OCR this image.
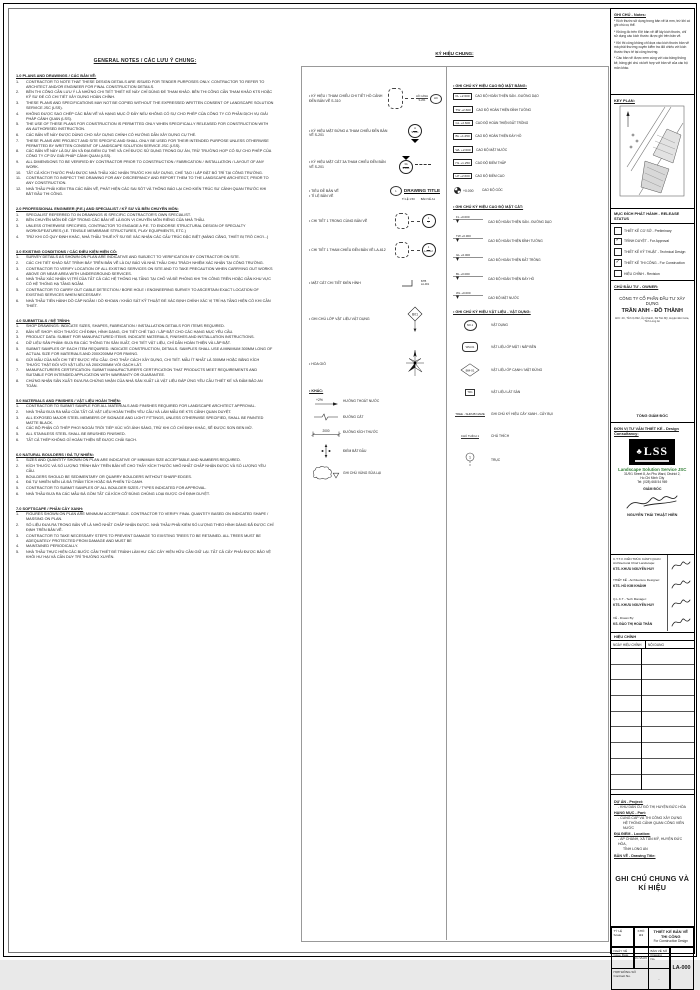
GENERAL NOTES / CÁC LƯU Ý CHUNG:
1.0 PLANS AND DRAWINGS / CÁC BẢN VẼ:
1.	CONTRACTOR TO NOTE THAT THESE DESIGN DETAILS ARE ISSUED FOR TENDER PURPOSES ONLY. CONTRACTOR TO REFER TO ARCHITECT AND/OR ENGINEER FOR FINAL CONSTRUCTION DETAILS.
2.	BÊN THI CÔNG CẦN LƯU Ý LÀ NHỮNG CHI TIẾT THIẾT KẾ NÀY CHỈ DÙNG ĐỂ THAM KHẢO. BÊN THI CÔNG CẦN THAM KHẢO KTS HOẶC KỸ SƯ ĐỂ CÓ CHI TIẾT XÂY DỰNG HOÀN CHỈNH.
3.	THESE PLANS AND SPECIFICATIONS MAY NOT BE COPIED WITHOUT THE EXPRESSED WRITTEN CONSENT OF LANDSCAPE SOLUTION SERVICE JSC (LSS).
4.	KHÔNG ĐƯỢC SAO CHÉP CÁC BẢN VẼ VÀ HẠNG MỤC Ở ĐÂY NẾU KHÔNG CÓ SỰ CHO PHÉP CỦA CÔNG TY CỔ PHẦN DỊCH VỤ GIẢI PHÁP CẢNH QUAN (LSS).
5.	THE USE OF THESE PLANS FOR CONSTRUCTION IS PERMITTED ONLY WHEN SPECIFICALLY RELEASED FOR CONSTRUCTION WITH AN AUTHORISED INSTRUCTION.
6.	CÁC BẢN VẼ NÀY ĐƯỢC DÙNG CHO XÂY DỰNG CHÍNH CÓ HƯỚNG DẪN XÂY DỰNG CỤ THỂ.
7.	THESE PLANS ARE PROJECT AND SITE SPECIFIC AND SHALL ONLY BE USED FOR THEIR INTENDED PURPOSE UNLESS OTHERWISE PERMITTED BY WRITTEN CONSENT OF LANDSCAPE SOLUTION SERVICE JSC (LSS).
8.	CÁC BẢN VẼ NÀY LÀ DỰ ÁN VÀ ĐỊA ĐIỂM CỤ THỂ VÀ CHỈ ĐƯỢC SỬ DỤNG TRONG DỰ ÁN, TRỪ TRƯỜNG HỢP CÓ SỰ CHO PHÉP CỦA CÔNG TY CP DV GIẢI PHÁP CẢNH QUAN (LSS).
9.	ALL DIMENSIONS TO BE VERIFIED BY CONTRACTOR PRIOR TO CONSTRUCTION / FABRICATION / INSTALLATION / LAYOUT OF ANY WORK.
10.	TẤT CẢ KÍCH THƯỚC PHẢI ĐƯỢC NHÀ THẦU XÁC NHẬN TRƯỚC KHI XÂY DỰNG, CHẾ TẠO / LẮP ĐẶT BỐ TRÍ TẠI CÔNG TRƯỜNG.
11.	CONTRACTOR TO INSPECT THE DRAWING FOR ANY DISCREPANCY AND REPORT THEM TO THE LANDSCAPE ARCHITECT, PRIOR TO ANY CONSTRUCTION.
12.	NHÀ THẦU PHẢI KIỂM TRA CÁC BẢN VẼ, PHÁT HIỆN CÁC SAI SÓT VÀ THÔNG BÁO LẠI CHO KIẾN TRÚC SƯ CẢNH QUAN TRƯỚC KHI BẮT ĐẦU THI CÔNG.
2.0 PROFESSIONAL ENGINEER (P.E.) AND SPECIALIST / KỸ SƯ VÀ BÊN CHUYÊN MÔN:
1.	SPECIALIST REFERRED TO IN DRAWINGS IS SPECIFIC CONTRACTOR'S OWN SPECIALIST.
2.	BÊN CHUYÊN MÔN ĐỀ CẬP TRONG CÁC BẢN VẼ LÀ ĐƠN VỊ CHUYÊN MÔN RIÊNG CỦA NHÀ THẦU.
3.	UNLESS OTHERWISE SPECIFIED, CONTRACTOR TO ENGAGE A P.E. TO ENDORSE STRUCTURAL DESIGN OF SPECIALTY WORKS/FEATURES (I.E. TENSILE MEMBRANE STRUCTURES, PLAY EQUIPMENTS, ETC.)
4.	TRỪ KHI CÓ QUY ĐỊNH KHÁC, NHÀ THẦU THUÊ KỸ SƯ ĐỂ XÁC NHẬN CÁC CẤU TRÚC ĐẶC BIỆT (MÀNG CĂNG, THIẾT BỊ TRÒ CHƠI...)
3.0 EXISTING CONDITIONS / CÁC ĐIỀU KIỆN HIỆN CÓ:
1.	SURVEY DETAILS AS SHOWN ON PLAN ARE INDICATIVE AND SUBJECT TO VERIFICATION BY CONTRACTOR ON SITE.
2.	CÁC CHI TIẾT KHẢO SÁT TRÌNH BÀY TRÊN BẢN VẼ LÀ DỰ BÁO VÀ NHÀ THẦU CHỊU TRÁCH NHIỆM XÁC NHẬN TẠI CÔNG TRƯỜNG.
3.	CONTRACTOR TO VERIFY LOCATION OF ALL EXISTING SERVICES ON SITE AND TO TAKE PRECAUTION WHEN CARRYING OUT WORKS ABOVE OR NEAR AREA WITH UNDERGROUND SERVICES.
4.	NHÀ THẦU XÁC NHẬN VỊ TRÍ CỦA TẤT CẢ CÁC HỆ THỐNG HẠ TẦNG TẠI CHỖ VÀ ĐỀ PHÒNG KHI THI CÔNG TRÊN HOẶC GẦN KHU VỰC CÓ HỆ THỐNG HẠ TẦNG NGẦM.
5.	CONTRACTOR TO CARRY OUT CABLE DETECTION / BORE HOLE / ENGINEERING SURVEY TO ASCERTAIN EXACT LOCATION OF EXISTING SERVICES WHEN NECESSARY.
6.	NHÀ THẦU TIẾN HÀNH DÒ CÁP NGẦM / DÒ KHOAN / KHẢO SÁT KỸ THUẬT ĐỂ XÁC ĐỊNH CHÍNH XÁC VỊ TRÍ HẠ TẦNG HIỆN CÓ KHI CẦN THIẾT.
4.0 SUBMITTALS / ĐỆ TRÌNH:
1.	SHOP DRAWINGS: INDICATE SIZES, SHAPES, FABRICATION / INSTALLATION DETAILS FOR ITEMS REQUIRED.
2.	BẢN VẼ SHOP: KÍCH THƯỚC CHỈ ĐỊNH, HÌNH DẠNG, CHI TIẾT CHẾ TẠO / LẮP ĐẶT CHO CÁC HẠNG MỤC YÊU CẦU.
3.	PRODUCT DATA: SUBMIT FOR MANUFACTURED ITEMS. INDICATE MATERIALS, FINISHES AND INSTALLATION INSTRUCTIONS.
4.	DỮ LIỆU SẢN PHẨM: ĐƯA RA CÁC THÔNG TIN SẢN XUẤT, CHI TIẾT VẬT LIỆU, CHỈ DẪN HOÀN THIỆN VÀ LẮP ĐẶT.
5.	SUBMIT SAMPLES OF EACH ITEM REQUIRED. INDICATE CONSTRUCTION, DETAILS. SAMPLES SHALL USE A MINIMUM 300MM LONG OF ACTUAL SIZE FOR MATERIALS AND 200X200MM FOR PAVING.
6.	GỬI MẪU CỦA MỖI CHI TIẾT ĐƯỢC YÊU CẦU. CHO THẤY CÁCH XÂY DỰNG, CHI TIẾT. MẪU ÍT NHẤT LÀ 300MM HOẶC BẰNG KÍCH THƯỚC THẬT ĐỐI VỚI VẬT LIỆU VÀ 200X200MM VỚI GẠCH LÁT.
7.	MANUFACTURERS CERTIFICATION: SUBMIT MANUFACTURER'S CERTIFICATION THAT PRODUCTS MEET REQUIREMENTS AND SUITABLE FOR INTENDED APPLICATION WITH WARRANTY OR GUARANTEE.
8.	CHỨNG NHẬN SẢN XUẤT: ĐƯA RA CHỨNG NHẬN CỦA NHÀ SẢN XUẤT LÀ VẬT LIỆU ĐÁP ỨNG YÊU CẦU THIẾT KẾ VÀ ĐẢM BẢO AN TOÀN.
5.0 MATERIALS AND FINISHES / VẬT LIỆU HOÀN THIỆN:
1.	CONTRACTOR TO SUBMIT SAMPLE FOR ALL MATERIALS AND FINISHES REQUIRED FOR LANDSCAPE ARCHITECT APPROVAL.
2.	NHÀ THẦU ĐƯA RA MẪU CỦA TẤT CẢ VẬT LIỆU HOÀN THIỆN YÊU CẦU VÀ LÀM MẪU ĐỂ KTS CẢNH QUAN DUYỆT.
3.	ALL EXPOSED MAJOR STEEL MEMBERS OF SIGNAGE AND LIGHT FITTINGS, UNLESS OTHERWISE SPECIFIED, SHALL BE PAINTED MATTE BLACK.
4.	CÁC BỘ PHẬN CÓ THÉP PHƠI NGOÀI TRỜI TIẾP XÚC VỚI ÁNH SÁNG, TRỪ KHI CÓ CHỈ ĐỊNH KHÁC, SẼ ĐƯỢC SƠN ĐEN MỜ.
5.	ALL STAINLESS STEEL SHALL BE BRUSHED FINISHED.
6.	TẤT CẢ THÉP KHÔNG GỈ HOÀN THIỆN SẼ ĐƯỢC CHẢI SẠCH.
6.0 NATURAL BOULDERS / ĐÁ TỰ NHIÊN:
1.	SIZES AND QUANTITY SHOWN ON PLAN ARE INDICATIVE OF MINIMUM SIZE ACCEPTABLE AND NUMBERS REQUIRED.
2.	KÍCH THƯỚC VÀ SỐ LƯỢNG TRÌNH BÀY TRÊN BẢN VẼ CHO THẤY KÍCH THƯỚC NHỎ NHẤT CHẤP NHẬN ĐƯỢC VÀ SỐ LƯỢNG YÊU CẦU.
3.	BOULDERS SHOULD BE SEDIMENTARY OR QUARRY BOULDERS WITHOUT SHARP EDGES.
4.	ĐÁ TỰ NHIÊN NÊN LÀ ĐÁ TRẦM TÍCH HOẶC ĐÁ PHIẾN TÙ CẠNH.
5.	CONTRACTOR TO SUBMIT SAMPLES OF ALL BOULDER SIZES / TYPES INDICATED FOR APPROVAL.
6.	NHÀ THẦU ĐƯA RA CÁC MẪU ĐÁ GỒM TẤT CẢ KÍCH CỠ ĐÚNG CHỦNG LOẠI ĐƯỢC CHỈ ĐỊNH DUYỆT.
7.0 SOFTSCAPE / PHẦN CÂY XANH:
1.	FIGURES SHOWN ON PLAN ARE MINIMUM ACCEPTABLE. CONTRACTOR TO VERIFY FINAL QUANTITY BASED ON INDICATED SHAPE / MASSING ON PLAN.
2.	SỐ LIỆU ĐƯA RA TRONG BẢN VẼ LÀ NHỎ NHẤT CHẤP NHẬN ĐƯỢC. NHÀ THẦU PHẢI KIỂM SỐ LƯỢNG THEO HÌNH DÁNG ĐÃ ĐƯỢC CHỈ ĐỊNH TRÊN BẢN VẼ.
3.	CONTRACTOR TO TAKE NECESSARY STEPS TO PREVENT DAMAGE TO EXISTING TREES TO BE RETAINED. ALL TREES MUST BE ADEQUATELY PROTECTED FROM DAMAGE AND MUST BE
4.	MAINTAINED PERIODICALLY.
5.	NHÀ THẦU THỰC HIỆN CÁC BƯỚC CẦN THIẾT ĐỂ TRÁNH LÀM HƯ CÁC CÂY HIỆN HỮU CẦN GIỮ LẠI. TẤT CẢ CÂY PHẢI ĐƯỢC BẢO VỆ KHỎI HƯ HẠI VÀ CẦN DUY TRÌ THƯỜNG XUYÊN.
KÝ HIỆU CHUNG:
• KÝ HIỆU / THAM CHIẾU CHI TIẾT HỒ CẢNH ĐẾN BẢN VẼ S-310
HỒ CẢNH
S-201
HC
• KÝ HIỆU MẶT ĐỨNG A THAM CHIẾU ĐẾN BẢN VẼ S-201
A
S-201
• KÝ HIỆU MẶT CẮT 3A THAM CHIẾU ĐẾN BẢN VẼ S-201
3A
S-201
• TIÊU ĐỀ BẢN VẼ
• TỈ LỆ BẢN VẼ
1	DRAWING TITLE
TỈ LỆ 1:50 BẢN VẼ A1
• CHI TIẾT 1 TRONG CÙNG BẢN VẼ
1
-
• CHI TIẾT 1 THAM CHIẾU ĐẾN BẢN VẼ LA-612
1
LA-612
• MẶT CẮT CHI TIẾT ĐIỂN HÌNH	6/TB
LA-001
• GHI CHÚ LỚP VẬT LIỆU VẬT DỤNG
B01
• HOA GIÓ
• KHÁC:
+2%	HƯỚNG THOÁT NƯỚC
ĐƯỜNG CẮT
2000	ĐƯỜNG KÍCH THƯỚC
ĐIỂM BẮT ĐẦU
GHI CHÚ VÙNG SỬA LẠI
• GHI CHÚ KÝ HIỆU CAO ĐỘ MẶT BẰNG:
FL +2.600	CAO ĐỘ HOÀN THIỆN SÀN - ĐƯỜNG DẠO
TW +2.600	CAO ĐỘ HOÀN THIỆN ĐỈNH TƯỜNG
GL +2.600	CAO ĐỘ HOÀN THIỆN ĐẤT TRỒNG
BL +1.250	CAO ĐỘ HOÀN THIỆN ĐÁY HỒ
WL +2.600	CAO ĐỘ MẶT NƯỚC
HL +1.250	CAO ĐỘ ĐIỂM THẤP
LP +2.600	CAO ĐỘ ĐIỂM CAO
+0.000	CAO ĐỘ GỐC
• GHI CHÚ KÝ HIỆU CAO ĐỘ MẶT CẮT:
FL +0.000
CAO ĐỘ HOÀN THIỆN SÀN - ĐƯỜNG DẠO
TW +0.300
CAO ĐỘ HOÀN THIỆN ĐỈNH TƯỜNG
GL +0.000
CAO ĐỘ HOÀN THIỆN ĐẤT TRỒNG
BL +0.000
CAO ĐỘ HOÀN THIỆN ĐÁY HỒ
WL +0.000
CAO ĐỘ MẶT NƯỚC
• GHI CHÚ KÝ HIỆU VẬT LIỆU - VẬT DỤNG:
NO.1	VẬT DỤNG
WM-01	VẬT LIỆU ỐP MẶT / NẮP BÊN
BM-01	VẬT LIỆU ỐP CẠNH / MẶT ĐỨNG
TR1	VẬT LIỆU LÁT SÀN
TREE - SHRUB NAME GHI CHÚ KÝ HIỆU CÂY XANH - CÂY BỤI
CHÚ THÍCH 1	CHÚ THÍCH
1
TRỤC
GHI CHÚ - Notes:
* Kích thước sử dụng trong bản vẽ là mm, trừ khi có ghi chú cụ thể.
* Không đo trên tỉ lệ bản vẽ để lấy kích thước, chỉ sử dụng các kích thước được ghi trên bản vẽ.
* Khi thi công không chỉ dựa vào kích thước bản vẽ mà phải thường xuyên kiểm tra đối chiếu với kích thước thực tế tại công trường.
* Các bản vẽ được xem cùng với các bảng thống kê, bảng ghi chú và kết hợp với bản vẽ của các bộ môn khác.
KEY PLAN:
MỤC ĐÍCH PHÁT HÀNH - RELEASE STATUS
THIẾT KẾ CƠ SỞ - Preliminary
✓ TRÌNH DUYỆT - For Approval
THIẾT KẾ KỸ THUẬT - Technical Design
✓ THIẾT KẾ THI CÔNG - For Construction
HIỆU CHỈNH - Revision
CHỦ ĐẦU TƯ - OWNER:
CÔNG TY CỔ PHẦN ĐẦU TƯ XÂY DỰNG
TRẦN ANH - ĐỒ THÀNH
Đ/C: 4C, Tỉnh lộ 822, Ấp Chánh, Xã Tân Mỹ, Huyện Đức Hòa, Tỉnh Long An
TỔNG GIÁM ĐỐC
ĐƠN VỊ TƯ VẤN THIẾT KẾ - Design Consultancy:
♣ LSS
Landscape Solution Service JSC
31/9/1 Street 8, An Phu Ward, District 2,
Ho Chi Minh City
Tel: (028) 668 54 969
GIÁM ĐỐC
NGUYỄN THÁI THUẬT HIỀN
C.T.T.V. KIẾN TRÚC CẢNH QUAN
Architectural Chief Landscape:
KTS. KHƯU NGUYỄN HUY
THIẾT KẾ - Architecture Designer:
KTS. HỒ KIM KHÁNH
Q.L.K.T - Tech Manager:
KTS. KHƯU NGUYỄN HUY
VẼ - Drawn By:
KS. ĐÀO THỊ HOÀI THÂN
HIỆU CHỈNH
NGÀY HIỆU CHỈNH	NỘI DUNG
DỰ ÁN - Project:
- KHU DÂN CƯ ĐÔ THỊ HUYỆN ĐỨC HÒA
HẠNG MỤC - Part:
- CUNG CẤP VÀ THI CÔNG XÂY DỰNG
HỆ THỐNG CẢNH QUAN CÔNG VIÊN NƯỚC
ĐỊA ĐIỂM - Location:
- ẤP CHÁNH, XÃ TÂN MỸ, HUYỆN ĐỨC HÒA,
TỈNH LONG AN
BẢN VẼ - Drawing Title:
GHI CHÚ CHUNG VÀ KÍ HIỆU
TỶ LỆ
Scale
KHỔ
A1
THIẾT KẾ BẢN VẼ THI CÔNG
For Construction Design
NGÀY VẼ
Issue Date
07/2020
BẢN VẼ SỐ
Drawing No.
LA-000
HỢP ĐỒNG SỐ
Contract No.
-
